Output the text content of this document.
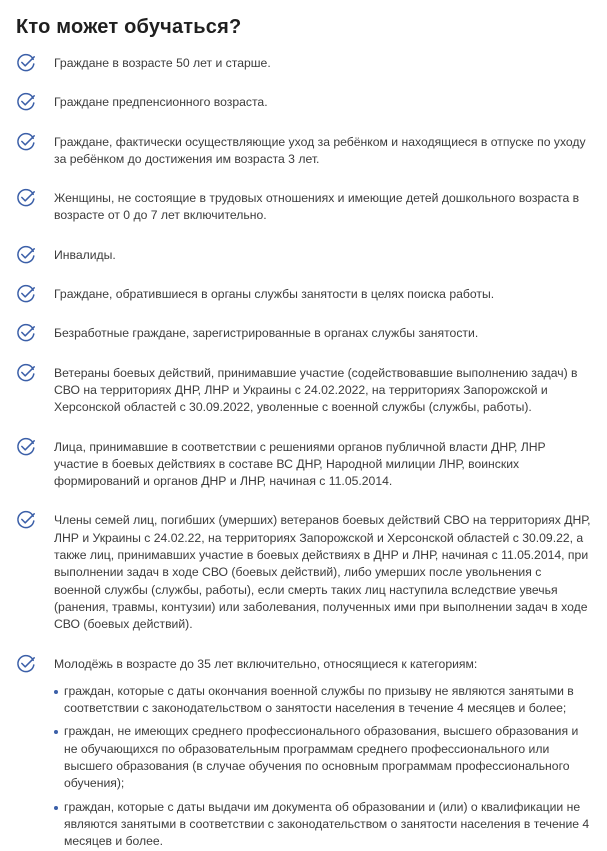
Кто может обучаться?
Граждане в возрасте 50 лет и старше.
Граждане предпенсионного возраста.
Граждане, фактически осуществляющие уход за ребёнком и находящиеся в отпуске по уходу за ребёнком до достижения им возраста 3 лет.
Женщины, не состоящие в трудовых отношениях и имеющие детей дошкольного возраста в возрасте от 0 до 7 лет включительно.
Инвалиды.
Граждане, обратившиеся в органы службы занятости в целях поиска работы.
Безработные граждане, зарегистрированные в органах службы занятости.
Ветераны боевых действий, принимавшие участие (содействовавшие выполнению задач) в СВО на территориях ДНР, ЛНР и Украины с 24.02.2022, на территориях Запорожской и Херсонской областей с 30.09.2022, уволенные с военной службы (службы, работы).
Лица, принимавшие в соответствии с решениями органов публичной власти ДНР, ЛНР участие в боевых действиях в составе ВС ДНР, Народной милиции ЛНР, воинских формирований и органов ДНР и ЛНР, начиная с 11.05.2014.
Члены семей лиц, погибших (умерших) ветеранов боевых действий СВО на территориях ДНР, ЛНР и Украины с 24.02.22, на территориях Запорожской и Херсонской областей с 30.09.22, а также лиц, принимавших участие в боевых действиях в ДНР и ЛНР, начиная с 11.05.2014, при выполнении задач в ходе СВО (боевых действий), либо умерших после увольнения с военной службы (службы, работы), если смерть таких лиц наступила вследствие увечья (ранения, травмы, контузии) или заболевания, полученных ими при выполнении задач в ходе СВО (боевых действий).
Молодёжь в возрасте до 35 лет включительно, относящиеся к категориям:
граждан, которые с даты окончания военной службы по призыву не являются занятыми в соответствии с законодательством о занятости населения в течение 4 месяцев и более;
граждан, не имеющих среднего профессионального образования, высшего образования и не обучающихся по образовательным программам среднего профессионального или высшего образования (в случае обучения по основным программам профессионального обучения);
граждан, которые с даты выдачи им документа об образовании и (или) о квалификации не являются занятыми в соответствии с законодательством о занятости населения в течение 4 месяцев и более.
